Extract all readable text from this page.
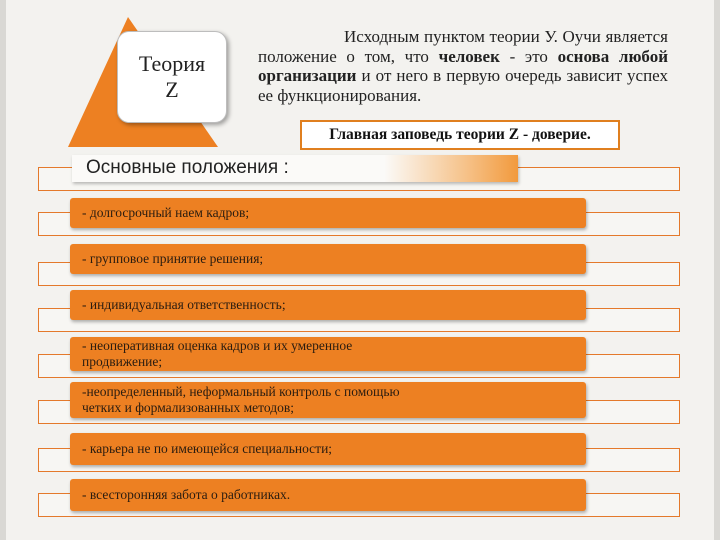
Теория
Z
Исходным пунктом теории У. Оучи является положение о том, что человек - это основа любой организации и от него в первую очередь зависит успех ее функционирования.
Главная заповедь теории Z - доверие.
Основные положения :
- долгосрочный наем кадров;
- групповое принятие решения;
- индивидуальная ответственность;
- неоперативная оценка кадров и их умеренное
продвижение;
-неопределенный, неформальный контроль с помощью
четких и формализованных методов;
- карьера не по имеющейся специальности;
- всесторонняя забота о работниках.
